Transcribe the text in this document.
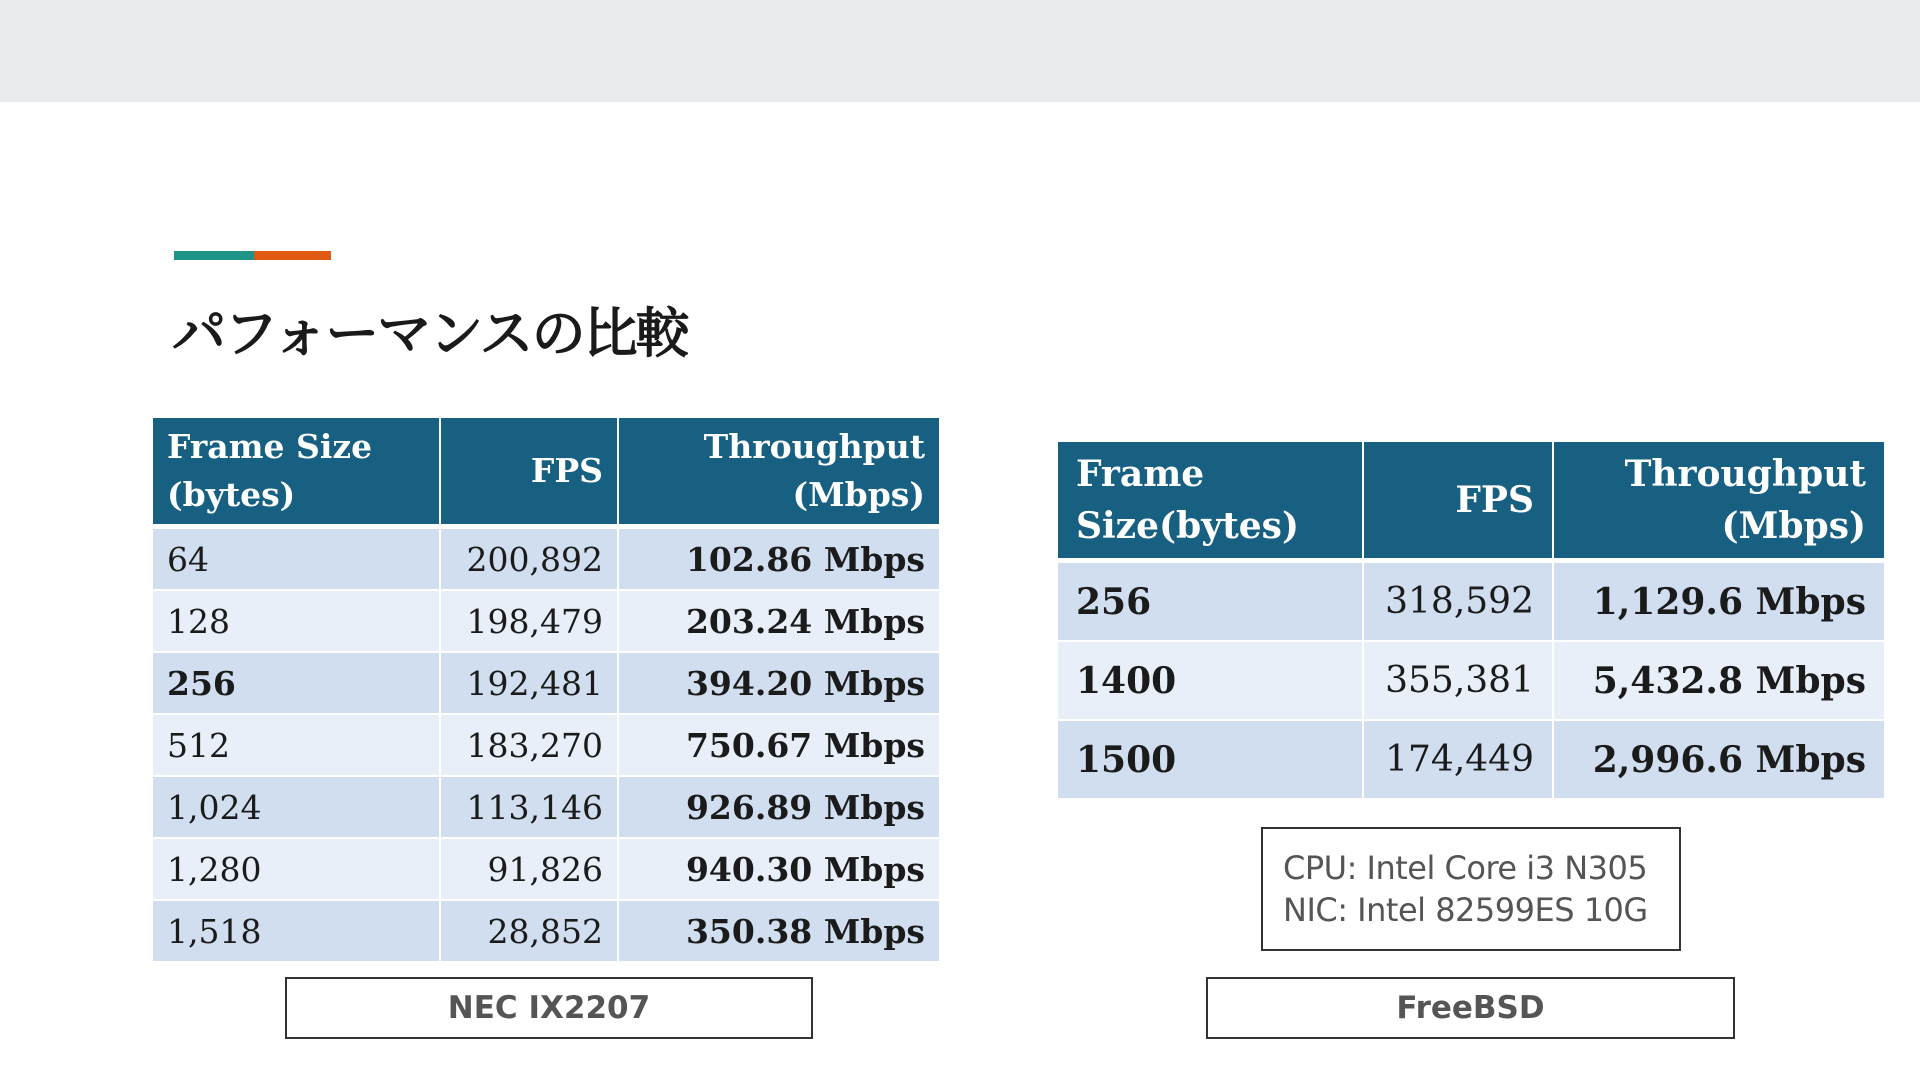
パフォーマンスの比較
Frame Size (bytes)	FPS	Throughput (Mbps)
64	200,892	102.86 Mbps
128	198,479	203.24 Mbps
256	192,481	394.20 Mbps
512	183,270	750.67 Mbps
1,024	113,146	926.89 Mbps
1,280	91,826	940.30 Mbps
1,518	28,852	350.38 Mbps
NEC IX2207
Frame Size(bytes)	FPS	Throughput (Mbps)
256	318,592	1,129.6 Mbps
1400	355,381	5,432.8 Mbps
1500	174,449	2,996.6 Mbps
CPU: Intel Core i3 N305
NIC: Intel 82599ES 10G
FreeBSD
